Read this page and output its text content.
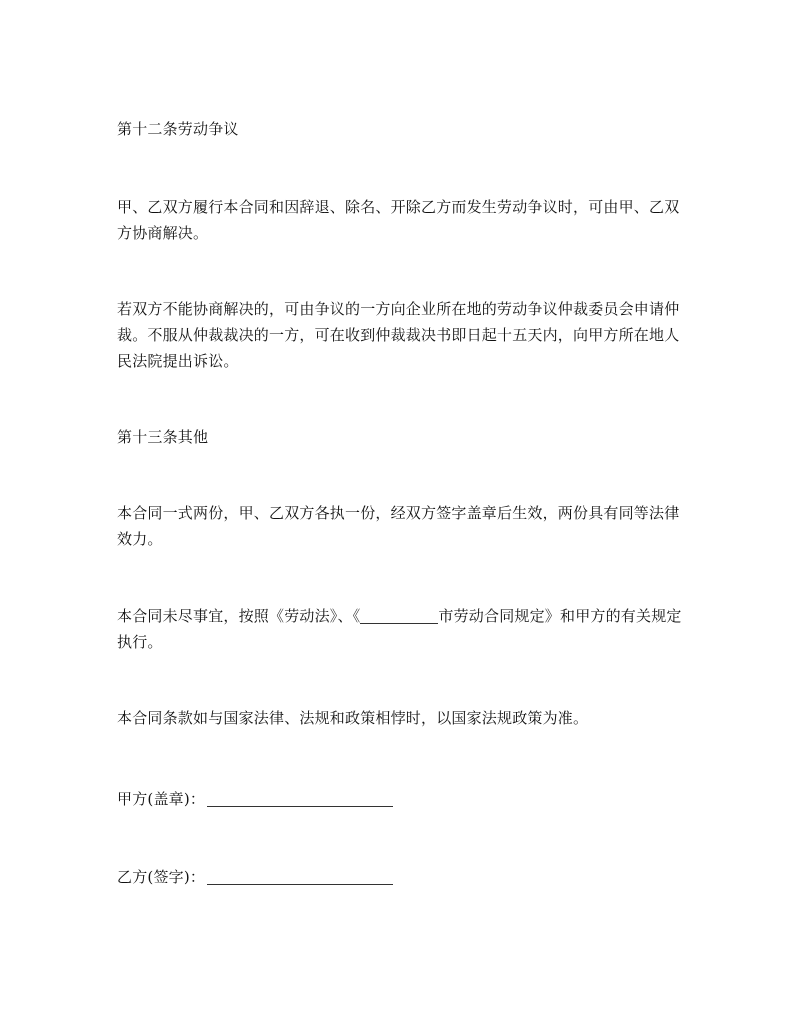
第十二条劳动争议
甲、乙双方履行本合同和因辞退、除名、开除乙方而发生劳动争议时，可由甲、乙双方协商解决。
若双方不能协商解决的，可由争议的一方向企业所在地的劳动争议仲裁委员会申请仲裁。不服从仲裁裁决的一方，可在收到仲裁裁决书即日起十五天内，向甲方所在地人民法院提出诉讼。
第十三条其他
本合同一式两份，甲、乙双方各执一份，经双方签字盖章后生效，两份具有同等法律效力。
本合同未尽事宜，按照《劳动法》、《	市劳动合同规定》和甲方的有关规定执行。
本合同条款如与国家法律、法规和政策相悖时，以国家法规政策为准。
甲方(盖章)：
乙方(签字)：
